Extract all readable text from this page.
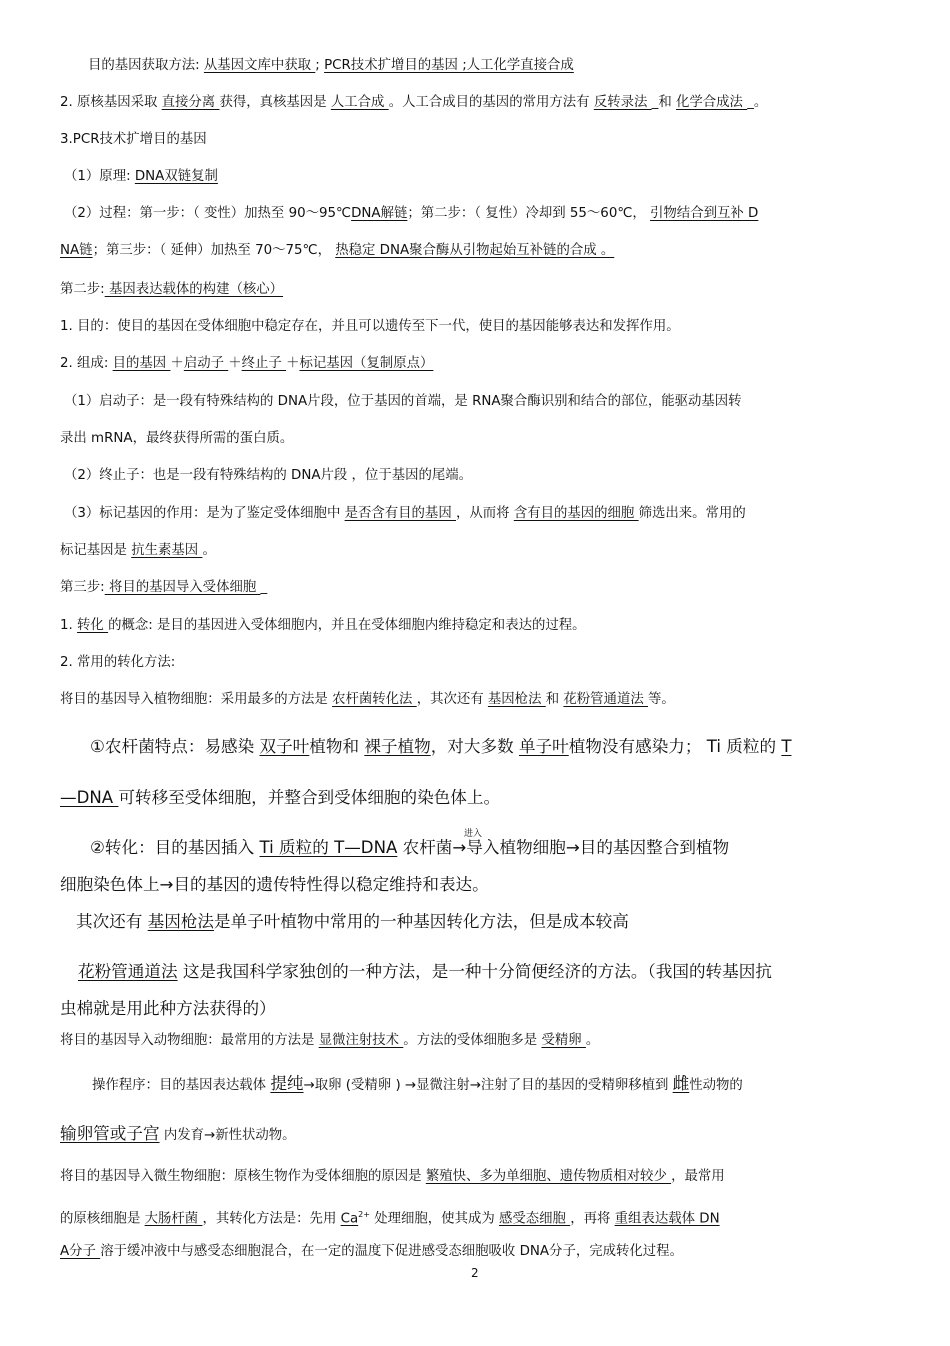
目的基因获取方法: 从基因文库中获取 ; PCR技术扩增目的基因 ;人工化学直接合成
2. 原核基因采取 直接分离 获得，真核基因是 人工合成 。人工合成目的基因的常用方法有 反转录法 _和 化学合成法 _。
3.PCR技术扩增目的基因
（1）原理: DNA双链复制
（2）过程：第一步：（ 变性）加热至 90～95℃DNA解链；第二步：（ 复性）冷却到 55～60℃， 引物结合到互补 D
NA链；第三步：（ 延伸）加热至 70～75℃， 热稳定 DNA聚合酶从引物起始互补链的合成 。
第二步: 基因表达载体的构建（核心）
1. 目的：使目的基因在受体细胞中稳定存在，并且可以遗传至下一代，使目的基因能够表达和发挥作用。
2. 组成: 目的基因 ＋启动子 ＋终止子 ＋标记基因（复制原点）
（1）启动子：是一段有特殊结构的 DNA片段，位于基因的首端，是 RNA聚合酶识别和结合的部位，能驱动基因转
录出 mRNA，最终获得所需的蛋白质。
（2）终止子：也是一段有特殊结构的 DNA片段 ，位于基因的尾端。
（3）标记基因的作用：是为了鉴定受体细胞中 是否含有目的基因 ，从而将 含有目的基因的细胞 筛选出来。常用的
标记基因是 抗生素基因 。
第三步: 将目的基因导入受体细胞 _
1. 转化 的概念: 是目的基因进入受体细胞内，并且在受体细胞内维持稳定和表达的过程。
2. 常用的转化方法:
将目的基因导入植物细胞：采用最多的方法是 农杆菌转化法 ，其次还有 基因枪法 和 花粉管通道法 等。
①农杆菌特点：易感染 双子叶植物和 裸子植物，对大多数 单子叶植物没有感染力； Ti 质粒的 T
—DNA 可转移至受体细胞，并整合到受体细胞的染色体上。
②转化：目的基因插入 Ti 质粒的 T—DNA 农杆菌→导入植物细胞→目的基因整合到植物
细胞染色体上→目的基因的遗传特性得以稳定维持和表达。
其次还有 基因枪法是单子叶植物中常用的一种基因转化方法，但是成本较高
花粉管通道法 这是我国科学家独创的一种方法，是一种十分简便经济的方法。（我国的转基因抗
虫棉就是用此种方法获得的）
将目的基因导入动物细胞：最常用的方法是 显微注射技术 。方法的受体细胞多是 受精卵 。
操作程序：目的基因表达载体 提纯→取卵 (受精卵 ) →显微注射→注射了目的基因的受精卵移植到 雌性动物的
输卵管或子宫 内发育→新性状动物。
将目的基因导入微生物细胞：原核生物作为受体细胞的原因是 繁殖快、多为单细胞、遗传物质相对较少 ，最常用
的原核细胞是 大肠杆菌 ，其转化方法是：先用 $Ca^{2+}$ 处理细胞，使其成为 感受态细胞 ，再将 重组表达载体 DN
A分子 溶于缓冲液中与感受态细胞混合，在一定的温度下促进感受态细胞吸收 DNA分子，完成转化过程。
进入
2
